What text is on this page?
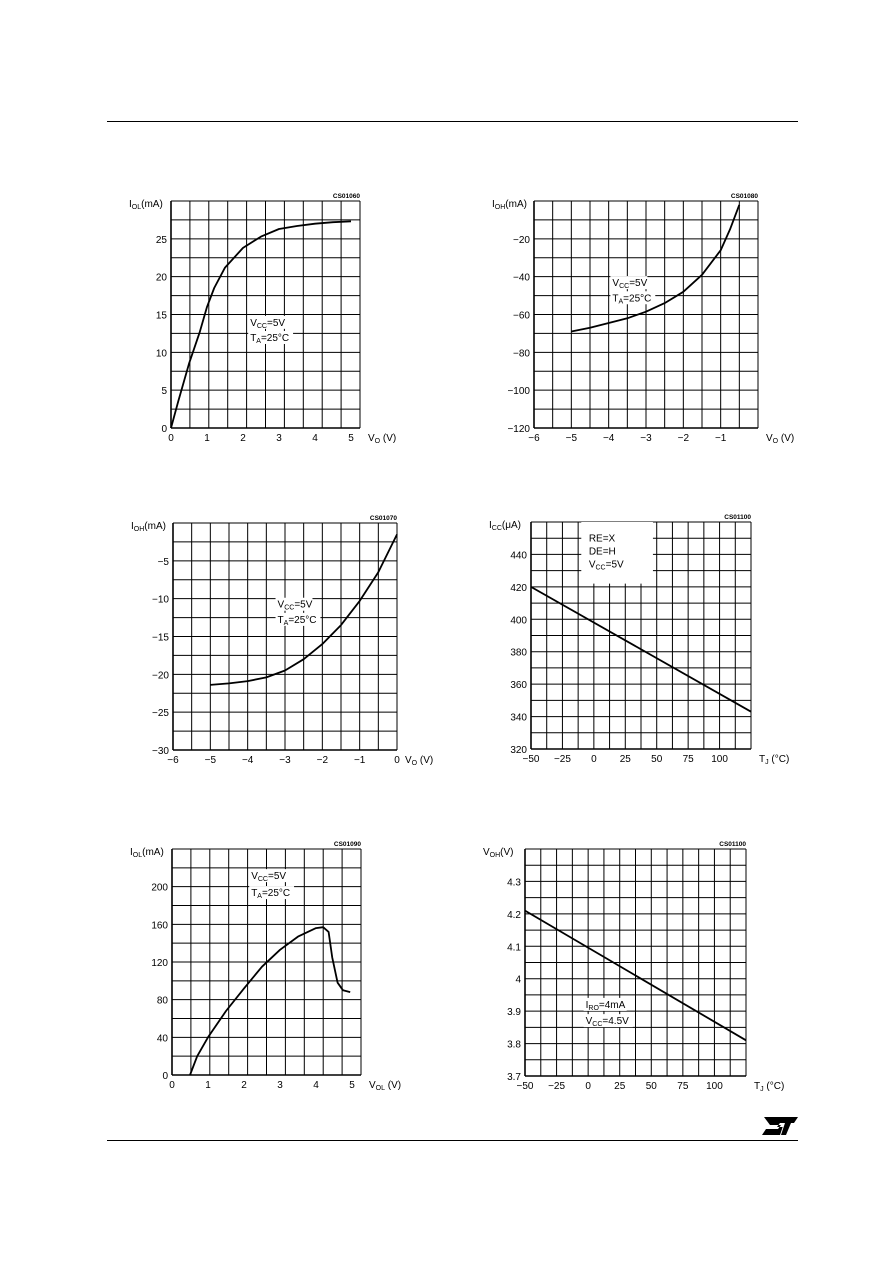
0	1	2	3	4	5
0
5
10
15
20
25
$I_{OL}(mA)$
$V_O$ (V)
CS01060
$V_{CC}=5V$
$T_A=25^\circ C$
−6	−5	−4	−3	−2	−1
−120
−100
−80
−60
−40
−20
$I_{OH}(mA)$
$V_O$ (V)
CS01080
$V_{CC}=5V$
$T_A=25^\circ C$
−6	−5	−4	−3	−2	−1	0
−30
−25
−20
−15
−10
−5
$I_{OH}(mA)$
$V_O$ (V)
CS01070
$V_{CC}=5V$
$T_A=25^\circ C$
−50 −25 0 25 50 75 100
320
340
360
380
400
420
440
$I_{CC}(\mu A)$
$T_J$ (°C)
CS01100
RE=X
DE=H
$V_{CC}=5V$
0	1	2	3	4	5
0
40
80
120
160
200
$I_{OL}(mA)$
$V_{OL}$ (V)
CS01090
$V_{CC}=5V$
$T_A=25^\circ C$
−50 −25 0 25 50 75 100
3.7
3.8
3.9
4
4.1
4.2
4.3
$V_{OH}(V)$
$T_J$ (°C)
CS01100
$I_{RO}=4mA$
$V_{CC}=4.5V$
